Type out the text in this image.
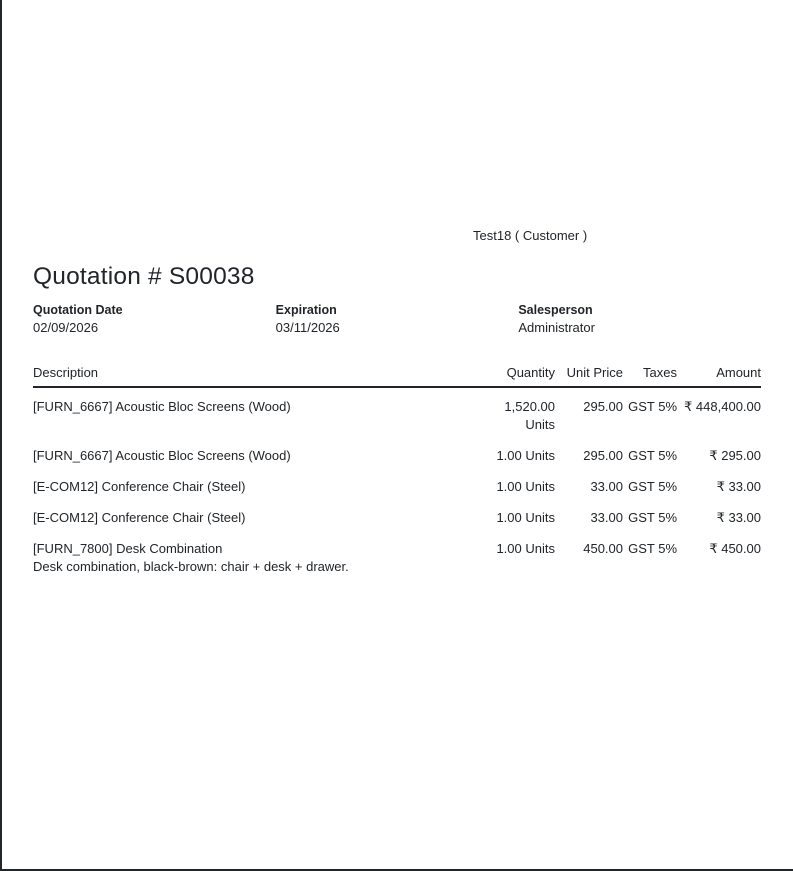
Test18 ( Customer )
Quotation # S00038
Quotation Date
02/09/2026
Expiration
03/11/2026
Salesperson
Administrator
Description	Quantity	Unit Price	Taxes	Amount
[FURN_6667] Acoustic Bloc Screens (Wood)	1,520.00 Units	295.00	GST 5%	₹ 448,400.00
[FURN_6667] Acoustic Bloc Screens (Wood)	1.00 Units	295.00	GST 5%	₹ 295.00
[E-COM12] Conference Chair (Steel)	1.00 Units	33.00	GST 5%	₹ 33.00
[E-COM12] Conference Chair (Steel)	1.00 Units	33.00	GST 5%	₹ 33.00

[FURN_7800] Desk Combination
Desk combination, black-brown: chair + desk + drawer.	1.00 Units	450.00	GST 5%	₹ 450.00
